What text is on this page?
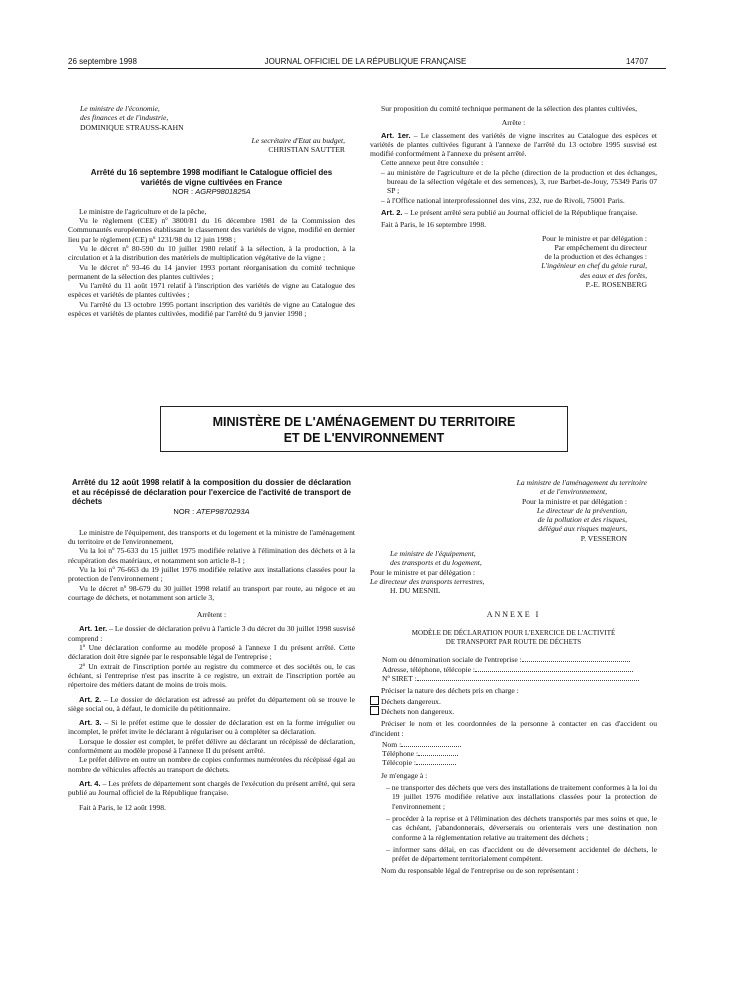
26 septembre 1998	JOURNAL OFFICIEL DE LA RÉPUBLIQUE FRANÇAISE	14707
Le ministre de l'économie,
des finances et de l'industrie,
DOMINIQUE STRAUSS-KAHN
Le secrétaire d'Etat au budget,
CHRISTIAN SAUTTER
Arrêté du 16 septembre 1998 modifiant le Catalogue officiel des variétés de vigne cultivées en France
NOR : AGRP9801825A

Le ministre de l'agriculture et de la pêche,

Vu le règlement (CEE) nº 3800/81 du 16 décembre 1981 de la Commission des Communautés européennes établissant le classement des variétés de vigne, modifié en dernier lieu par le règlement (CE) nº 1231/98 du 12 juin 1998 ;

Vu le décret nº 80-590 du 10 juillet 1980 relatif à la sélection, à la production, à la circulation et à la distribution des matériels de multiplication végétative de la vigne ;

Vu le décret nº 93-46 du 14 janvier 1993 portant réorganisation du comité technique permanent de la sélection des plantes cultivées ;

Vu l'arrêté du 11 août 1971 relatif à l'inscription des variétés de vigne au Catalogue des espèces et variétés de plantes cultivées ;

Vu l'arrêté du 13 octobre 1995 portant inscription des variétés de vigne au Catalogue des espèces et variétés de plantes cultivées, modifié par l'arrêté du 9 janvier 1998 ;

Sur proposition du comité technique permanent de la sélection des plantes cultivées,

Arrête :

Art. 1er. – Le classement des variétés de vigne inscrites au Catalogue des espèces et variétés de plantes cultivées figurant à l'annexe de l'arrêté du 13 octobre 1995 susvisé est modifié conformément à l'annexe du présent arrêté.

Cette annexe peut être consultée :

– au ministère de l'agriculture et de la pêche (direction de la production et des échanges, bureau de la sélection végétale et des semences), 3, rue Barbet-de-Jouy, 75349 Paris 07 SP ;

– à l'Office national interprofessionnel des vins, 232, rue de Rivoli, 75001 Paris.

Art. 2. – Le présent arrêté sera publié au Journal officiel de la République française.

Fait à Paris, le 16 septembre 1998.

Pour le ministre et par délégation :
Par empêchement du directeur
de la production et des échanges :
L'ingénieur en chef du génie rural,
des eaux et des forêts,
P.-E. ROSENBERG
MINISTÈRE DE L'AMÉNAGEMENT DU TERRITOIRE
ET DE L'ENVIRONNEMENT
Arrêté du 12 août 1998 relatif à la composition du dossier de déclaration et au récépissé de déclaration pour l'exercice de l'activité de transport de déchets
NOR : ATEP9870293A

Le ministre de l'équipement, des transports et du logement et la ministre de l'aménagement du territoire et de l'environnement,

Vu la loi nº 75-633 du 15 juillet 1975 modifiée relative à l'élimination des déchets et à la récupération des matériaux, et notamment son article 8-1 ;

Vu la loi nº 76-663 du 19 juillet 1976 modifiée relative aux installations classées pour la protection de l'environnement ;

Vu le décret nº 98-679 du 30 juillet 1998 relatif au transport par route, au négoce et au courtage de déchets, et notamment son article 3,

Arrêtent :

Art. 1er. – Le dossier de déclaration prévu à l'article 3 du décret du 30 juillet 1998 susvisé comprend :

1º Une déclaration conforme au modèle proposé à l'annexe I du présent arrêté. Cette déclaration doit être signée par le responsable légal de l'entreprise ;

2º Un extrait de l'inscription portée au registre du commerce et des sociétés ou, le cas échéant, si l'entreprise n'est pas inscrite à ce registre, un extrait de l'inscription portée au répertoire des métiers datant de moins de trois mois.

Art. 2. – Le dossier de déclaration est adressé au préfet du département où se trouve le siège social ou, à défaut, le domicile du pétitionnaire.

Art. 3. – Si le préfet estime que le dossier de déclaration est en la forme irrégulier ou incomplet, le préfet invite le déclarant à régulariser ou à compléter sa déclaration.

Lorsque le dossier est complet, le préfet délivre au déclarant un récépissé de déclaration, conformément au modèle proposé à l'annexe II du présent arrêté.

Le préfet délivre en outre un nombre de copies conformes numérotées du récépissé égal au nombre de véhicules affectés au transport de déchets.

Art. 4. – Les préfets de département sont chargés de l'exécution du présent arrêté, qui sera publié au Journal officiel de la République française.

Fait à Paris, le 12 août 1998.

La ministre de l'aménagement du territoire
et de l'environnement,
Pour la ministre et par délégation :
Le directeur de la prévention,
de la pollution et des risques,
délégué aux risques majeurs,
P. VESSERON
Le ministre de l'équipement,
des transports et du logement,
Pour le ministre et par délégation :
Le directeur des transports terrestres,
H. DU MESNIL

ANNEXE I

MODÈLE DE DÉCLARATION POUR L'EXERCICE DE L'ACTIVITÉ
DE TRANSPORT PAR ROUTE DE DÉCHETS
Nom ou dénomination sociale de l'entreprise :
Adresse, téléphone, télécopie :
Nº SIRET :

Préciser la nature des déchets pris en charge :

Déchets dangereux.
Déchets non dangereux.

Préciser le nom et les coordonnées de la personne à contacter en cas d'accident ou d'incident :

Nom :
Téléphone :
Télécopie :

Je m'engage à :

– ne transporter des déchets que vers des installations de traitement conformes à la loi du 19 juillet 1976 modifiée relative aux installations classées pour la protection de l'environnement ;

– procéder à la reprise et à l'élimination des déchets transportés par mes soins et que, le cas échéant, j'abandonnerais, déverserais ou orienterais vers une destination non conforme à la réglementation relative au traitement des déchets ;

– informer sans délai, en cas d'accident ou de déversement accidentel de déchets, le préfet de département territorialement compétent.

Nom du responsable légal de l'entreprise ou de son représentant :
